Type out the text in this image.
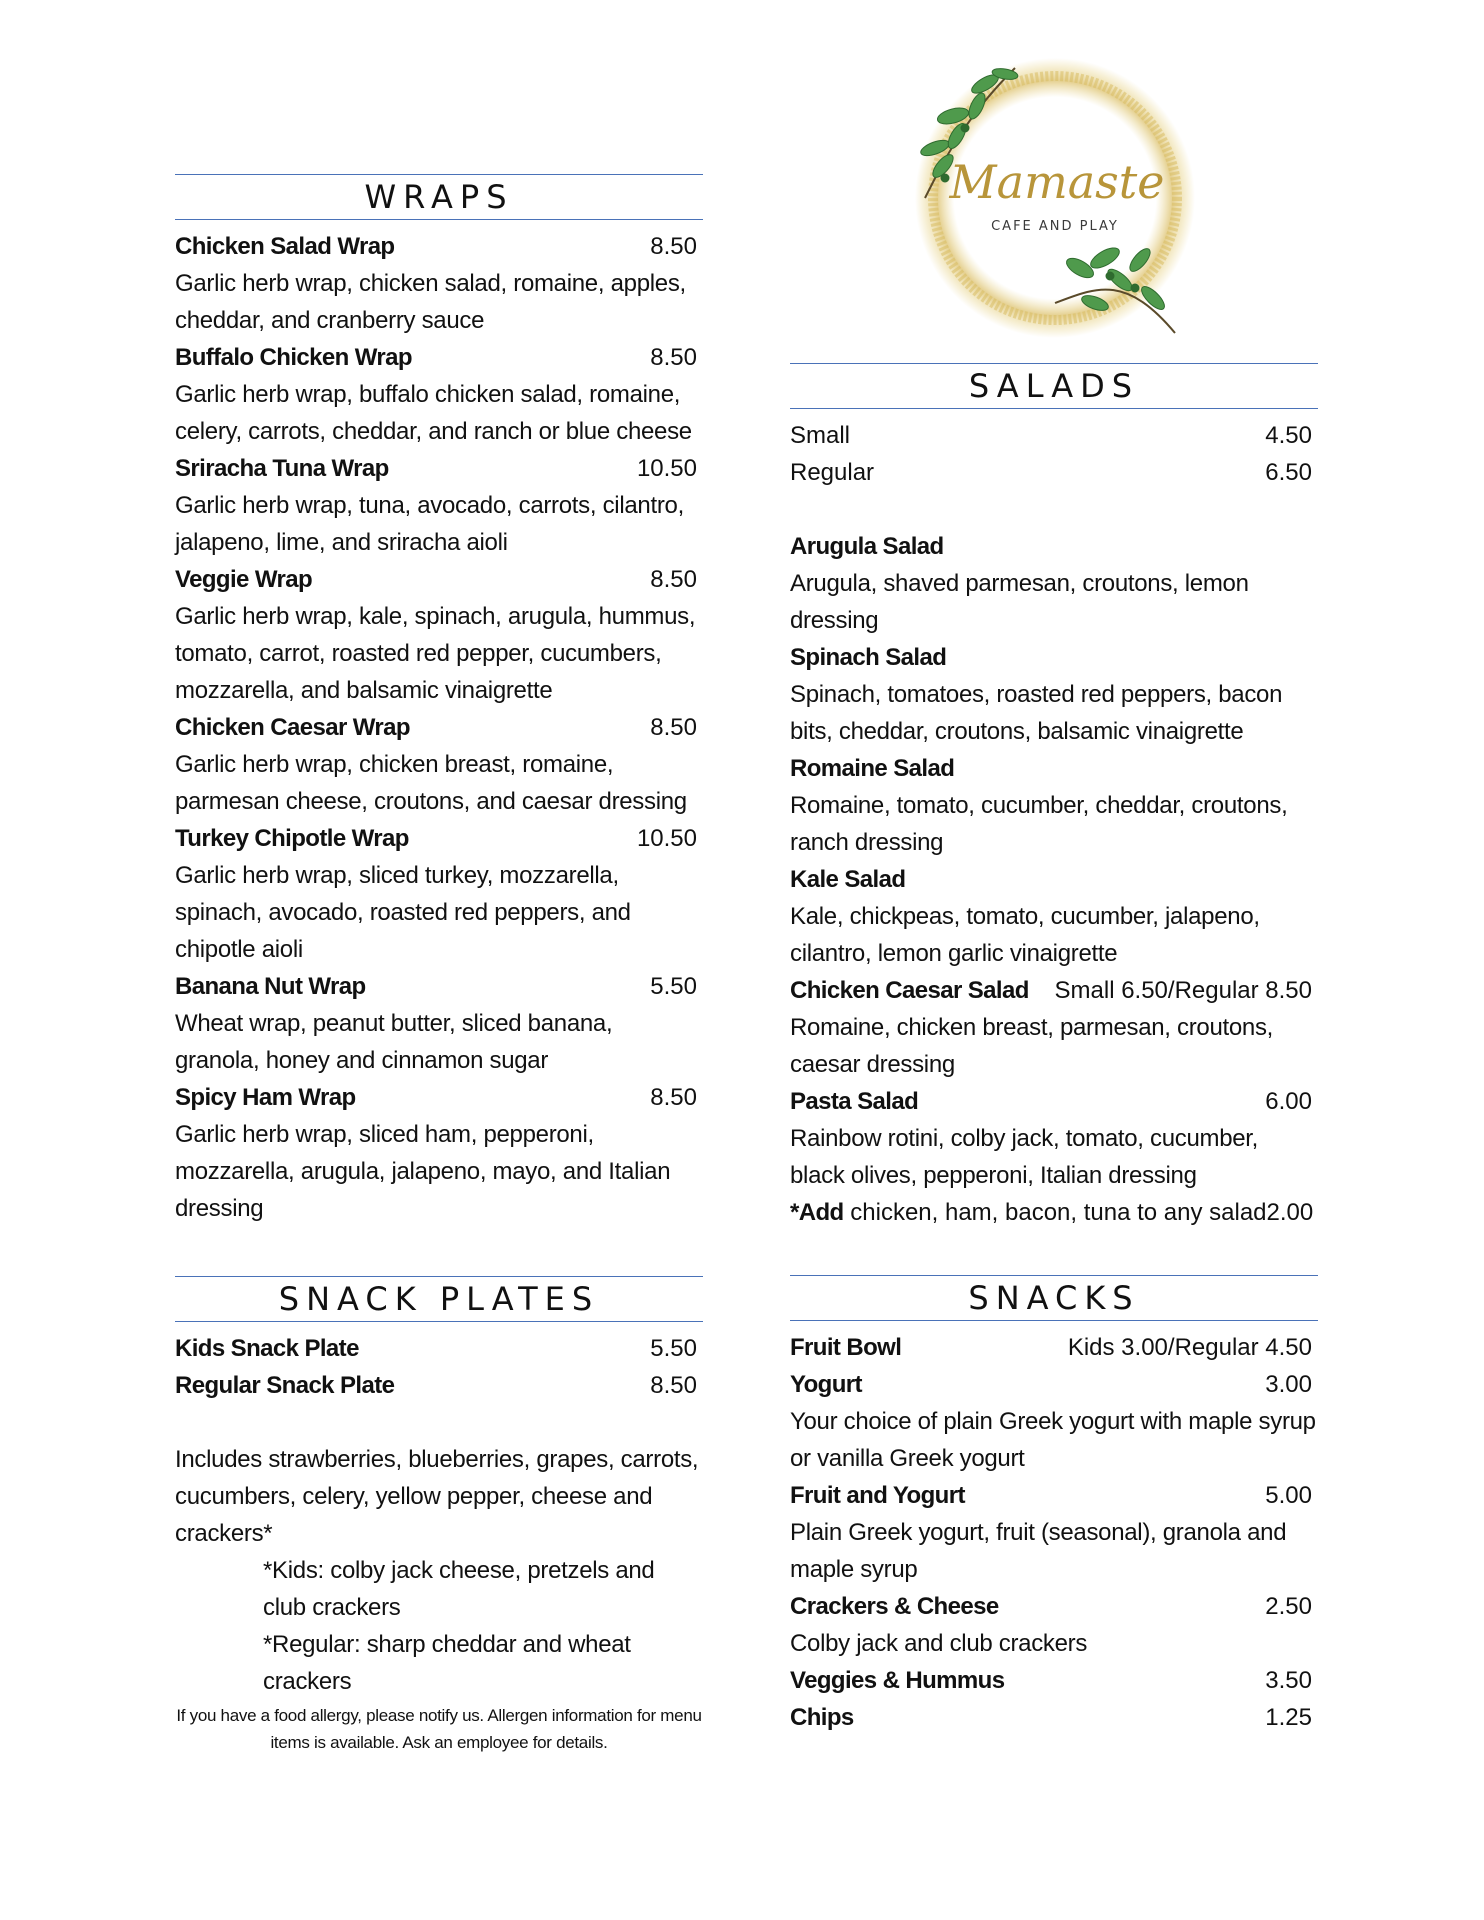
Mamaste
CAFE AND PLAY
WRAPS
Chicken Salad Wrap	8.50
Garlic herb wrap, chicken salad, romaine, apples, cheddar, and cranberry sauce
Buffalo Chicken Wrap	8.50
Garlic herb wrap, buffalo chicken salad, romaine, celery, carrots, cheddar, and ranch or blue cheese
Sriracha Tuna Wrap	10.50
Garlic herb wrap, tuna, avocado, carrots, cilantro, jalapeno, lime, and sriracha aioli
Veggie Wrap	8.50
Garlic herb wrap, kale, spinach, arugula, hummus, tomato, carrot, roasted red pepper, cucumbers, mozzarella, and balsamic vinaigrette
Chicken Caesar Wrap	8.50
Garlic herb wrap, chicken breast, romaine, parmesan cheese, croutons, and caesar dressing
Turkey Chipotle Wrap	10.50
Garlic herb wrap, sliced turkey, mozzarella, spinach, avocado, roasted red peppers, and chipotle aioli
Banana Nut Wrap	5.50
Wheat wrap, peanut butter, sliced banana, granola, honey and cinnamon sugar
Spicy Ham Wrap	8.50
Garlic herb wrap, sliced ham, pepperoni, mozzarella, arugula, jalapeno, mayo, and Italian dressing
SNACK PLATES
Kids Snack Plate	5.50
Regular Snack Plate	8.50
Includes strawberries, blueberries, grapes, carrots, cucumbers, celery, yellow pepper, cheese and crackers*
*Kids: colby jack cheese, pretzels and club crackers
*Regular: sharp cheddar and wheat crackers
If you have a food allergy, please notify us. Allergen information for menu items is available. Ask an employee for details.
SALADS
Small	4.50
Regular	6.50
Arugula Salad
Arugula, shaved parmesan, croutons, lemon dressing
Spinach Salad
Spinach, tomatoes, roasted red peppers, bacon bits, cheddar, croutons, balsamic vinaigrette
Romaine Salad
Romaine, tomato, cucumber, cheddar, croutons, ranch dressing
Kale Salad
Kale, chickpeas, tomato, cucumber, jalapeno, cilantro, lemon garlic vinaigrette
Chicken Caesar Salad Small 6.50/Regular 8.50
Romaine, chicken breast, parmesan, croutons, caesar dressing
Pasta Salad	6.00
Rainbow rotini, colby jack, tomato, cucumber, black olives, pepperoni, Italian dressing
*Add chicken, ham, bacon, tuna to any salad 2.00
SNACKS
Fruit Bowl	Kids 3.00/Regular 4.50
Yogurt	3.00
Your choice of plain Greek yogurt with maple syrup or vanilla Greek yogurt
Fruit and Yogurt	5.00
Plain Greek yogurt, fruit (seasonal), granola and maple syrup
Crackers & Cheese	2.50
Colby jack and club crackers
Veggies & Hummus	3.50
Chips	1.25
